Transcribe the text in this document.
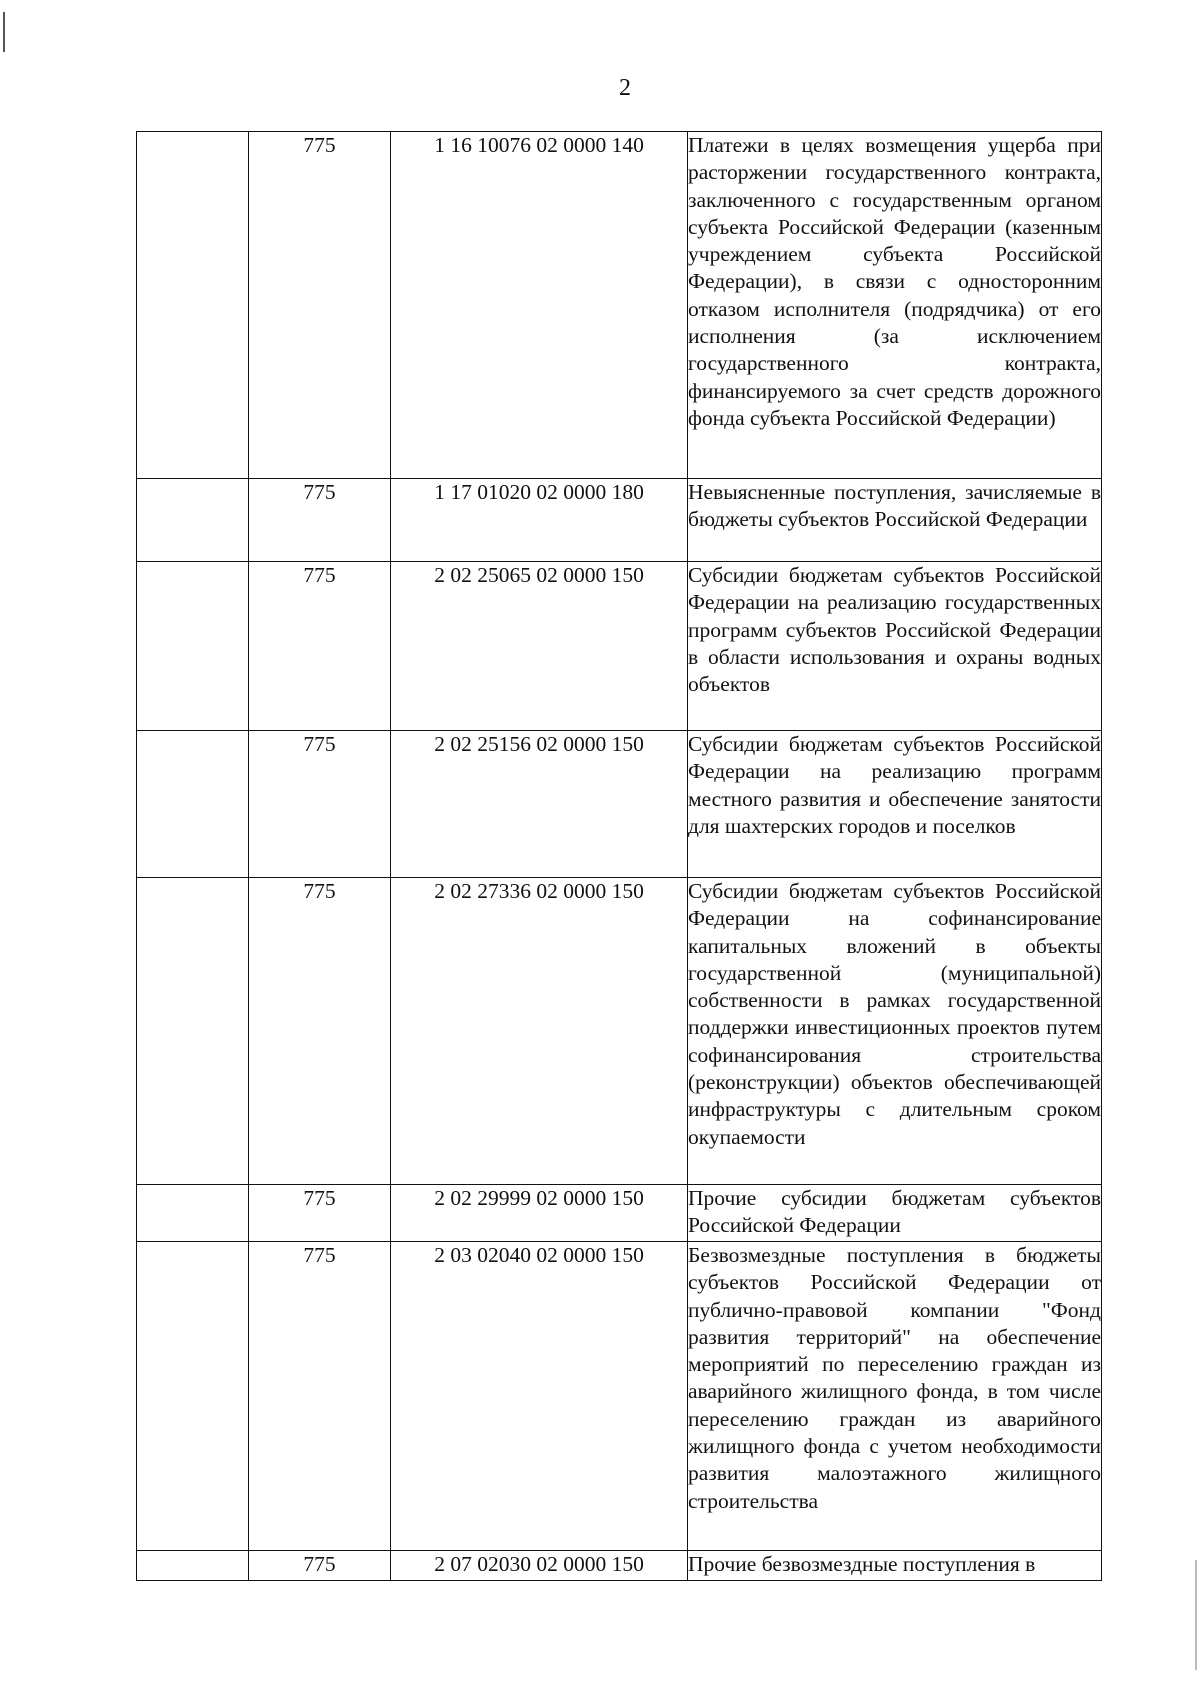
2
	775	1 16 10076 02 0000 140	Платежи в целях возмещения ущерба при расторжении государственного контракта, заключенного с государственным органом субъекта Российской Федерации (казенным учреждением субъекта Российской Федерации), в связи с односторонним отказом исполнителя (подрядчика) от его исполнения (за исключением государственного контракта, финансируемого за счет средств дорожного фонда субъекта Российской Федерации)
	775	1 17 01020 02 0000 180	Невыясненные поступления, зачисляемые в бюджеты субъектов Российской Федерации
	775	2 02 25065 02 0000 150	Субсидии бюджетам субъектов Российской Федерации на реализацию государственных программ субъектов Российской Федерации в области использования и охраны водных объектов
	775	2 02 25156 02 0000 150	Субсидии бюджетам субъектов Российской Федерации на реализацию программ местного развития и обеспечение занятости для шахтерских городов и поселков
	775	2 02 27336 02 0000 150	Субсидии бюджетам субъектов Российской Федерации на софинансирование капитальных вложений в объекты государственной (муниципальной) собственности в рамках государственной поддержки инвестиционных проектов путем софинансирования строительства (реконструкции) объектов обеспечивающей инфраструктуры с длительным сроком окупаемости
	775	2 02 29999 02 0000 150	Прочие субсидии бюджетам субъектов Российской Федерации
	775	2 03 02040 02 0000 150	Безвозмездные поступления в бюджеты субъектов Российской Федерации от публично-правовой компании "Фонд развития территорий" на обеспечение мероприятий по переселению граждан из аварийного жилищного фонда, в том числе переселению граждан из аварийного жилищного фонда с учетом необходимости развития малоэтажного жилищного строительства
	775	2 07 02030 02 0000 150	Прочие безвозмездные поступления в
